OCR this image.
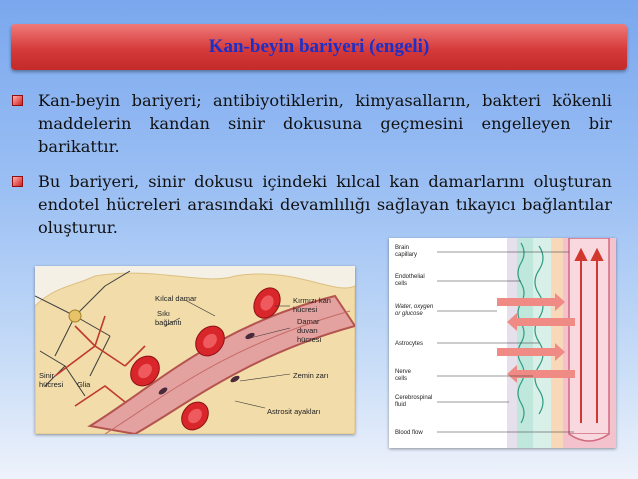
Kan-beyin bariyeri (engeli)
Kan-beyin bariyeri; antibiyotiklerin, kimyasalların, bakteri kökenli maddelerin kandan sinir dokusuna geçmesini engelleyen bir barikattır.
Bu bariyeri, sinir dokusu içindeki kılcal kan damarlarını oluşturan endotel hücreleri arasındaki devamlılığı sağlayan tıkayıcı bağlantılar oluşturur.
Kılcal damar
Sıkı
bağlantı
Kırmızı kan
hücresi
Damar
duvarı
hücresi
Zemin zarı
Astrosit ayakları
Sinir
hücresi Glia
Brain
capillary
Endothelial
cells
Water, oxygen
or glucose
Astrocytes
Nerve
cells
Cerebrospinal
fluid
Blood flow
